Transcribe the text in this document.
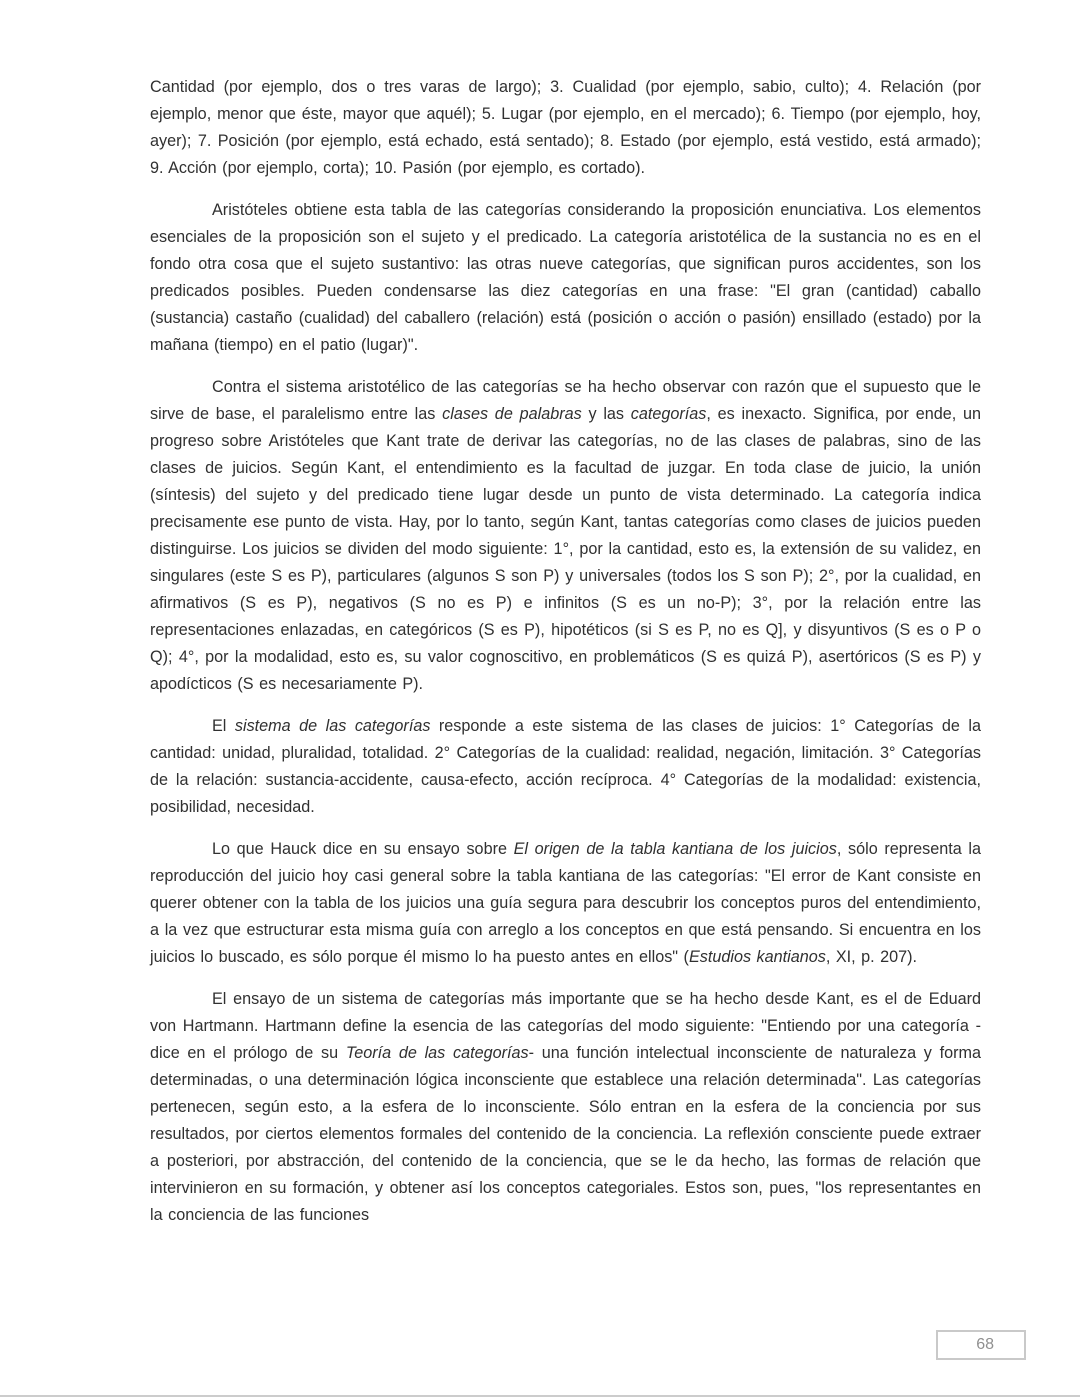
Cantidad (por ejemplo, dos o tres varas de largo); 3. Cualidad (por ejemplo, sabio, culto); 4. Relación (por ejemplo, menor que éste, mayor que aquél); 5. Lugar (por ejemplo, en el mercado); 6. Tiempo (por ejemplo, hoy, ayer); 7. Posición (por ejemplo, está echado, está sentado); 8. Estado (por ejemplo, está vestido, está armado); 9. Acción (por ejemplo, corta); 10. Pasión (por ejemplo, es cortado).

Aristóteles obtiene esta tabla de las categorías considerando la proposición enunciativa. Los elementos esenciales de la proposición son el sujeto y el predicado. La categoría aristotélica de la sustancia no es en el fondo otra cosa que el sujeto sustantivo: las otras nueve categorías, que significan puros accidentes, son los predicados posibles. Pueden condensarse las diez categorías en una frase: "El gran (cantidad) caballo (sustancia) castaño (cualidad) del caballero (relación) está (posición o acción o pasión) ensillado (estado) por la mañana (tiempo) en el patio (lugar)".

Contra el sistema aristotélico de las categorías se ha hecho observar con razón que el supuesto que le sirve de base, el paralelismo entre las clases de palabras y las categorías, es inexacto. Significa, por ende, un progreso sobre Aristóteles que Kant trate de derivar las categorías, no de las clases de palabras, sino de las clases de juicios. Según Kant, el entendimiento es la facultad de juzgar. En toda clase de juicio, la unión (síntesis) del sujeto y del predicado tiene lugar desde un punto de vista determinado. La categoría indica precisamente ese punto de vista. Hay, por lo tanto, según Kant, tantas categorías como clases de juicios pueden distinguirse. Los juicios se dividen del modo siguiente: 1°, por la cantidad, esto es, la extensión de su validez, en singulares (este S es P), particulares (algunos S son P) y universales (todos los S son P); 2°, por la cualidad, en afirmativos (S es P), negativos (S no es P) e infinitos (S es un no-P); 3°, por la relación entre las representaciones enlazadas, en categóricos (S es P), hipotéticos (si S es P, no es Q], y disyuntivos (S es o P o Q); 4°, por la modalidad, esto es, su valor cognoscitivo, en problemáticos (S es quizá P), asertóricos (S es P) y apodícticos (S es necesariamente P).

El sistema de las categorías responde a este sistema de las clases de juicios: 1° Categorías de la cantidad: unidad, pluralidad, totalidad. 2° Categorías de la cualidad: realidad, negación, limitación. 3° Categorías de la relación: sustancia-accidente, causa-efecto, acción recíproca. 4° Categorías de la modalidad: existencia, posibilidad, necesidad.

Lo que Hauck dice en su ensayo sobre El origen de la tabla kantiana de los juicios, sólo representa la reproducción del juicio hoy casi general sobre la tabla kantiana de las categorías: "El error de Kant consiste en querer obtener con la tabla de los juicios una guía segura para descubrir los conceptos puros del entendimiento, a la vez que estructurar esta misma guía con arreglo a los conceptos en que está pensando. Si encuentra en los juicios lo buscado, es sólo porque él mismo lo ha puesto antes en ellos" (Estudios kantianos, XI, p. 207).

El ensayo de un sistema de categorías más importante que se ha hecho desde Kant, es el de Eduard von Hartmann. Hartmann define la esencia de las categorías del modo siguiente: "Entiendo por una categoría -dice en el prólogo de su Teoría de las categorías- una función intelectual inconsciente de naturaleza y forma determinadas, o una determinación lógica inconsciente que establece una relación determinada". Las categorías pertenecen, según esto, a la esfera de lo inconsciente. Sólo entran en la esfera de la conciencia por sus resultados, por ciertos elementos formales del contenido de la conciencia. La reflexión consciente puede extraer a posteriori, por abstracción, del contenido de la conciencia, que se le da hecho, las formas de relación que intervinieron en su formación, y obtener así los conceptos categoriales. Estos son, pues, "los representantes en la conciencia de las funciones

68
